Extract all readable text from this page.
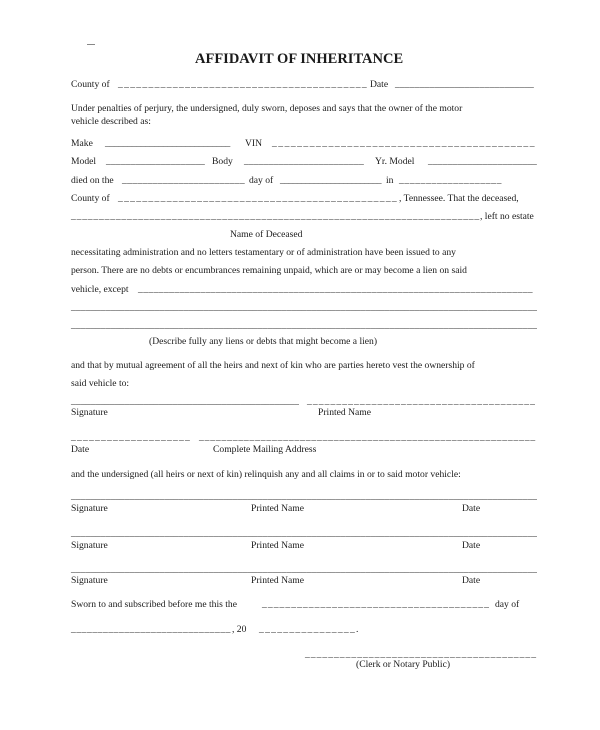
AFFIDAVIT OF INHERITANCE
County of _________________________________________ Date ____________________________
Under penalties of perjury, the undersigned, duly sworn, deposes and says that the owner of the motor
vehicle described as:
Make ____________________________ VIN __________________________________________
Model ____________________ Body ________________________ Yr. Model ______________________
died on the ________________________ day of ________________________ in ___________________
County of ______________________________________________ , Tennessee. That the deceased,
_________________________________________________________________________ , left no estate
Name of Deceased
necessitating administration and no letters testamentary or of administration have been issued to any
person. There are no debts or encumbrances remaining unpaid, which are or may become a lien on said
vehicle, except ____________________________________________________________________________
_______________________________________________________________________________________________
_______________________________________________________________________________________________
(Describe fully any liens or debts that might become a lien)
and that by mutual agreement of all the heirs and next of kin who are parties hereto vest the ownership of
said vehicle to:
_______________________________________________ _______________________________________
Signature	Printed Name
____________________ ____________________________________________________________
Date	Complete Mailing Address
and the undersigned (all heirs or next of kin) relinquish any and all claims in or to said motor vehicle:
_______________________________________________________________________________________________
Signature	Printed Name	Date
_______________________________________________________________________________________________
Signature	Printed Name	Date
_______________________________________________________________________________________________
Signature	Printed Name	Date
Sworn to and subscribed before me this the	_______________________________________ day of
______________________________ , 20 ________________ .
________________________________________
(Clerk or Notary Public)
